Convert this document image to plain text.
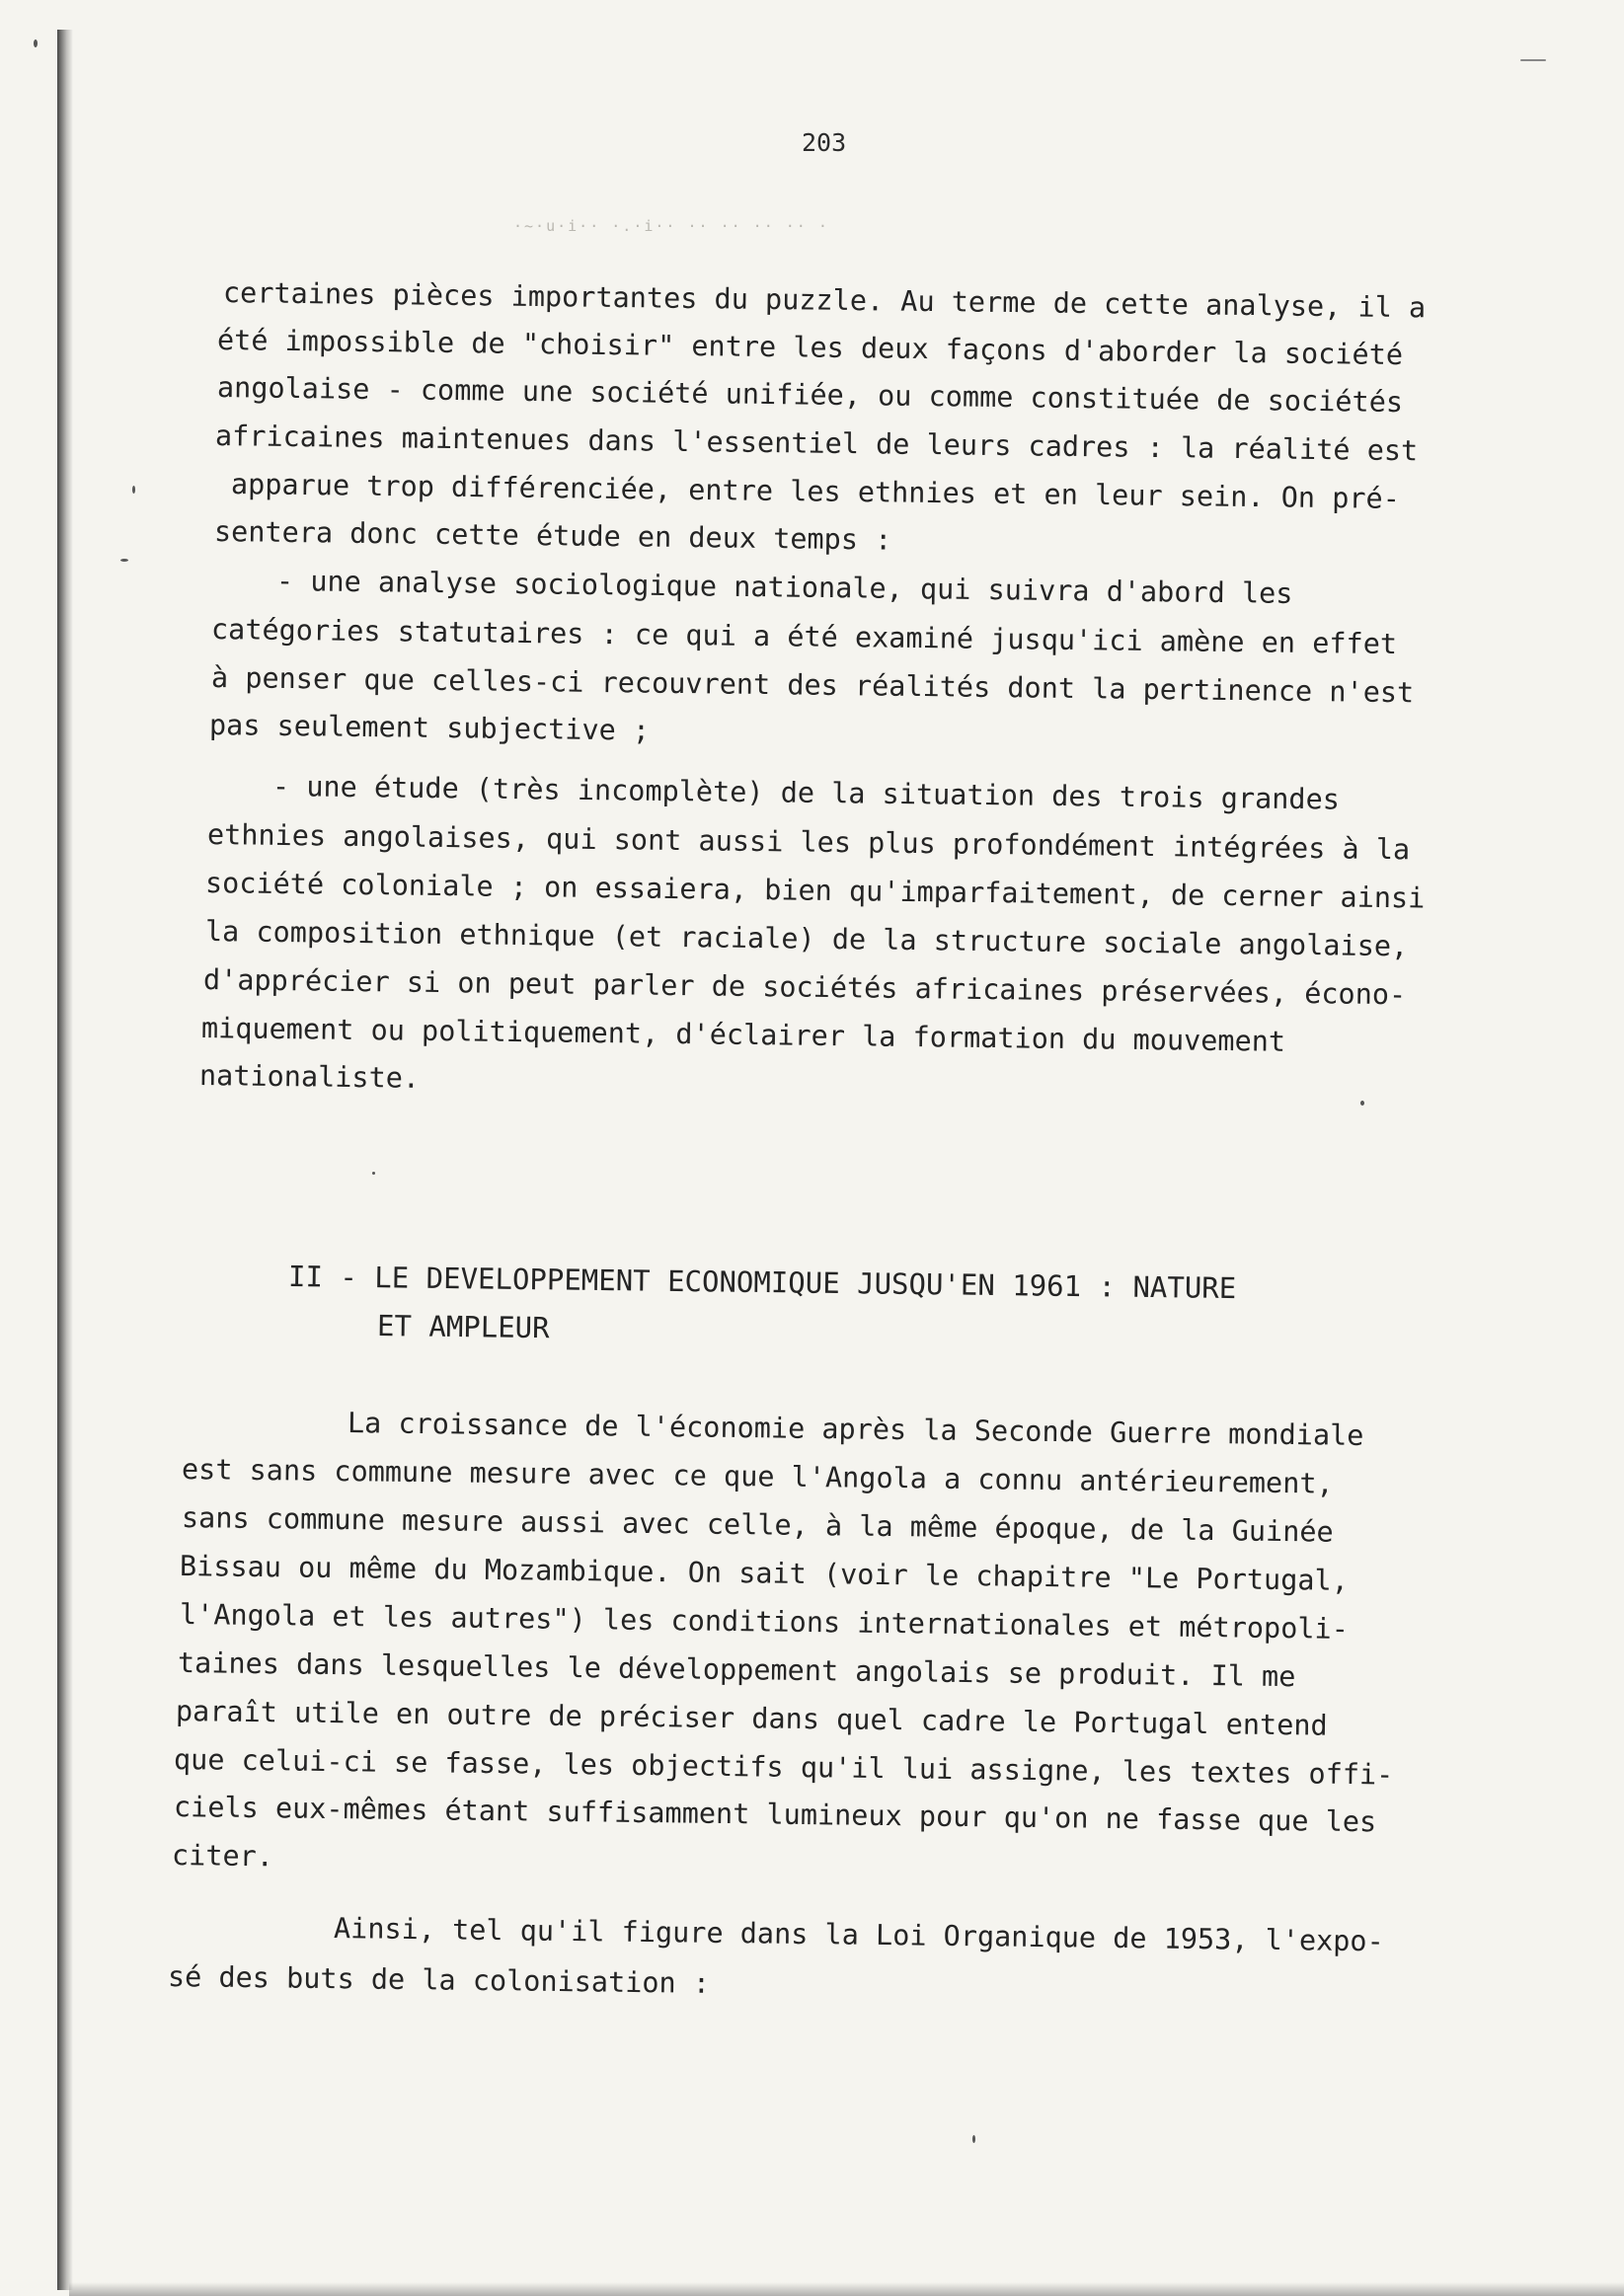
203

·~·u·i·· ·.·i·· ·· ·· ·· ·· ·

certaines pièces importantes du puzzle. Au terme de cette analyse, il a

été impossible de "choisir" entre les deux façons d'aborder la société

angolaise - comme une société unifiée, ou comme constituée de sociétés

africaines maintenues dans l'essentiel de leurs cadres : la réalité est

apparue trop différenciée, entre les ethnies et en leur sein. On pré-

sentera donc cette étude en deux temps :

- une analyse sociologique nationale, qui suivra d'abord les

catégories statutaires : ce qui a été examiné jusqu'ici amène en effet

à penser que celles-ci recouvrent des réalités dont la pertinence n'est

pas seulement subjective ;

- une étude (très incomplète) de la situation des trois grandes

ethnies angolaises, qui sont aussi les plus profondément intégrées à la

société coloniale ; on essaiera, bien qu'imparfaitement, de cerner ainsi

la composition ethnique (et raciale) de la structure sociale angolaise,

d'apprécier si on peut parler de sociétés africaines préservées, écono-

miquement ou politiquement, d'éclairer la formation du mouvement

nationaliste.

II - LE DEVELOPPEMENT ECONOMIQUE JUSQU'EN 1961 : NATURE

ET AMPLEUR

La croissance de l'économie après la Seconde Guerre mondiale

est sans commune mesure avec ce que l'Angola a connu antérieurement,

sans commune mesure aussi avec celle, à la même époque, de la Guinée

Bissau ou même du Mozambique. On sait (voir le chapitre "Le Portugal,

l'Angola et les autres") les conditions internationales et métropoli-

taines dans lesquelles le développement angolais se produit. Il me

paraît utile en outre de préciser dans quel cadre le Portugal entend

que celui-ci se fasse, les objectifs qu'il lui assigne, les textes offi-

ciels eux-mêmes étant suffisamment lumineux pour qu'on ne fasse que les

citer.

Ainsi, tel qu'il figure dans la Loi Organique de 1953, l'expo-

sé des buts de la colonisation :
